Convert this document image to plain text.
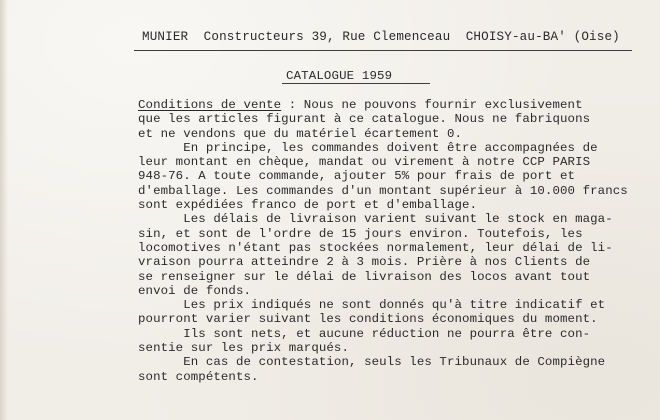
MUNIER  Constructeurs 39, Rue Clemenceau  CHOISY-au-BA' (Oise)
CATALOGUE 1959
Conditions de vente : Nous ne pouvons fournir exclusivement
que les articles figurant à ce catalogue. Nous ne fabriquons
et ne vendons que du matériel écartement 0.
En principe, les commandes doivent être accompagnées de
leur montant en chèque, mandat ou virement à notre CCP PARIS
948-76. A toute commande, ajouter 5% pour frais de port et
d'emballage. Les commandes d'un montant supérieur à 10.000 francs
sont expédiées franco de port et d'emballage.
Les délais de livraison varient suivant le stock en maga-
sin, et sont de l'ordre de 15 jours environ. Toutefois, les
locomotives n'étant pas stockées normalement, leur délai de li-
vraison pourra atteindre 2 à 3 mois. Prière à nos Clients de
se renseigner sur le délai de livraison des locos avant tout
envoi de fonds.
Les prix indiqués ne sont donnés qu'à titre indicatif et
pourront varier suivant les conditions économiques du moment.
Ils sont nets, et aucune réduction ne pourra être con-
sentie sur les prix marqués.
En cas de contestation, seuls les Tribunaux de Compiègne
sont compétents.
